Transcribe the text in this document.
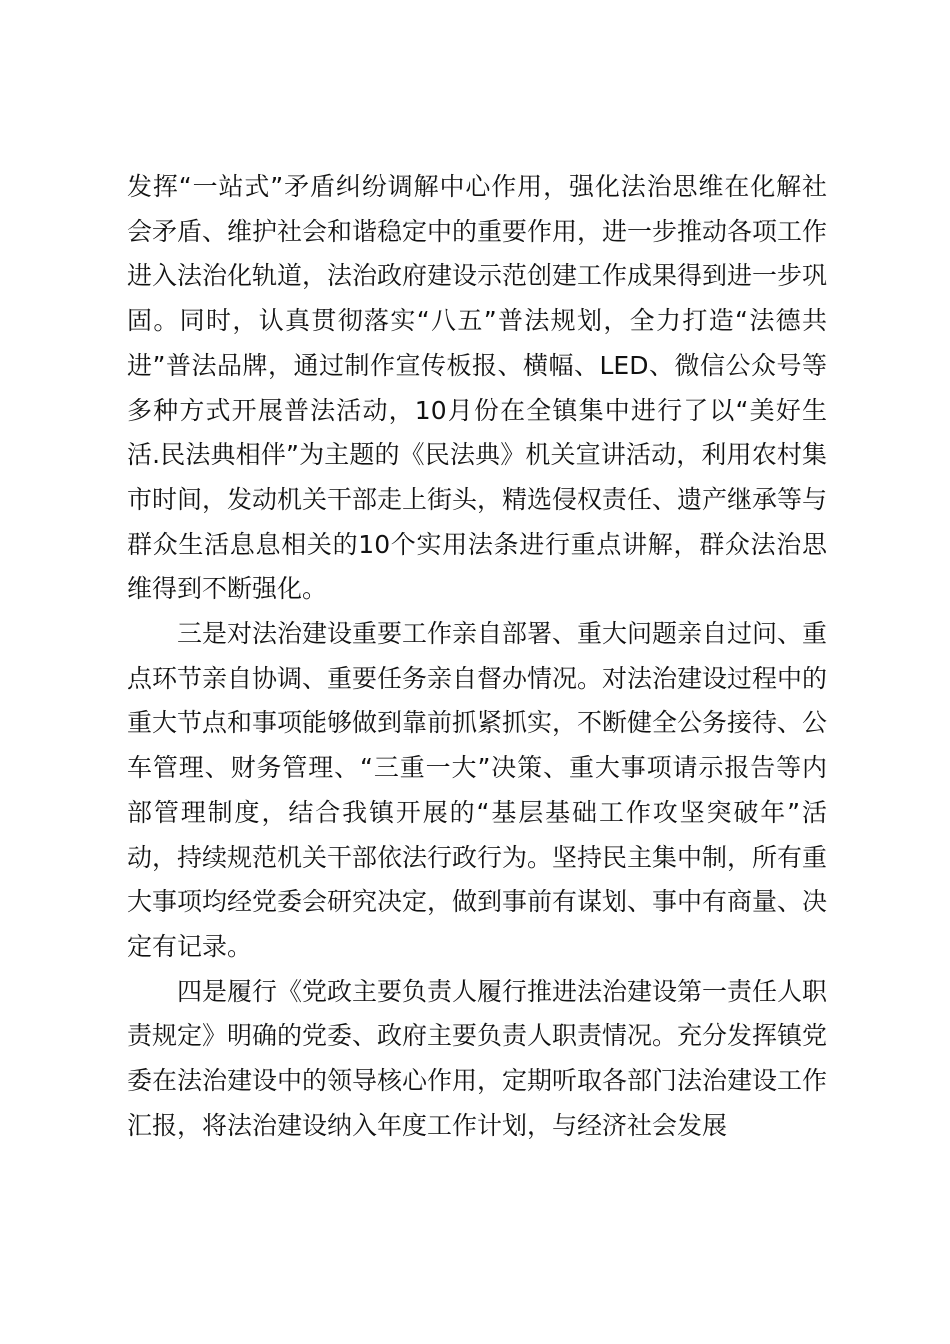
发挥“一站式”矛盾纠纷调解中心作用，强化法治思维在化解社会矛盾、维护社会和谐稳定中的重要作用，进一步推动各项工作进入法治化轨道，法治政府建设示范创建工作成果得到进一步巩固。同时，认真贯彻落实“八五”普法规划，全力打造“法德共进”普法品牌，通过制作宣传板报、横幅、LED、微信公众号等多种方式开展普法活动，10月份在全镇集中进行了以“美好生活.民法典相伴”为主题的《民法典》机关宣讲活动，利用农村集市时间，发动机关干部走上街头，精选侵权责任、遗产继承等与群众生活息息相关的10个实用法条进行重点讲解，群众法治思维得到不断强化。

三是对法治建设重要工作亲自部署、重大问题亲自过问、重点环节亲自协调、重要任务亲自督办情况。对法治建设过程中的重大节点和事项能够做到靠前抓紧抓实，不断健全公务接待、公车管理、财务管理、“三重一大”决策、重大事项请示报告等内部管理制度，结合我镇开展的“基层基础工作攻坚突破年”活动，持续规范机关干部依法行政行为。坚持民主集中制，所有重大事项均经党委会研究决定，做到事前有谋划、事中有商量、决定有记录。

四是履行《党政主要负责人履行推进法治建设第一责任人职责规定》明确的党委、政府主要负责人职责情况。充分发挥镇党委在法治建设中的领导核心作用，定期听取各部门法治建设工作汇报，将法治建设纳入年度工作计划，与经济社会发展
